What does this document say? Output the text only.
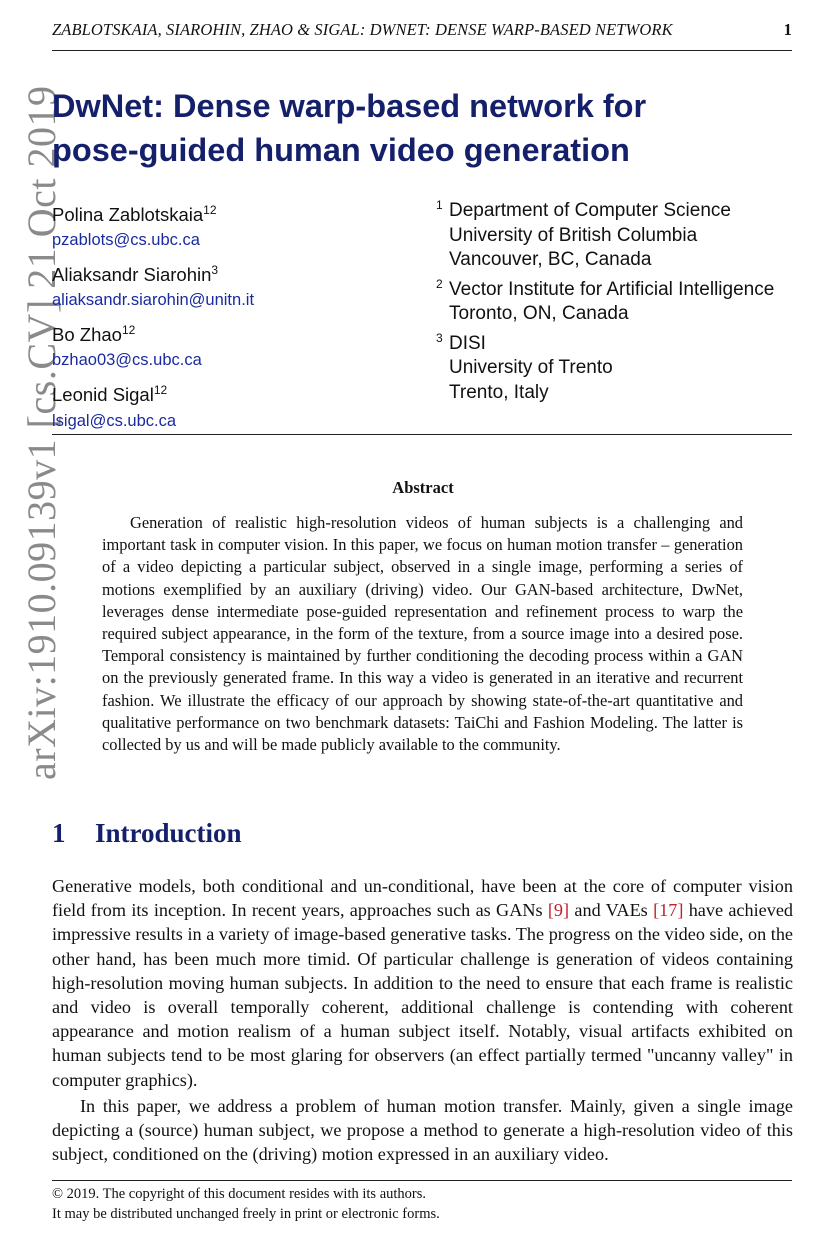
ZABLOTSKAIA, SIAROHIN, ZHAO & SIGAL: DWNET: DENSE WARP-BASED NETWORK	1
arXiv:1910.09139v1 [cs.CV] 21 Oct 2019
DwNet: Dense warp-based network for
pose-guided human video generation
Polina Zablotskaia$^{12}$
pzablots@cs.ubc.ca
Aliaksandr Siarohin$^3$
aliaksandr.siarohin@unitn.it
Bo Zhao$^{12}$
bzhao03@cs.ubc.ca
Leonid Sigal$^{12}$
lsigal@cs.ubc.ca
1 Department of Computer Science
University of British Columbia
Vancouver, BC, Canada
2 Vector Institute for Artificial Intelligence
Toronto, ON, Canada
3 DISI
University of Trento
Trento, Italy
Abstract

Generation of realistic high-resolution videos of human subjects is a challenging and important task in computer vision. In this paper, we focus on human motion transfer – generation of a video depicting a particular subject, observed in a single image, performing a series of motions exemplified by an auxiliary (driving) video. Our GAN-based architecture, DwNet, leverages dense intermediate pose-guided representation and refinement process to warp the required subject appearance, in the form of the texture, from a source image into a desired pose. Temporal consistency is maintained by further conditioning the decoding process within a GAN on the previously generated frame. In this way a video is generated in an iterative and recurrent fashion. We illustrate the efficacy of our approach by showing state-of-the-art quantitative and qualitative performance on two benchmark datasets: TaiChi and Fashion Modeling. The latter is collected by us and will be made publicly available to the community.

1 Introduction

Generative models, both conditional and un-conditional, have been at the core of computer vision field from its inception. In recent years, approaches such as GANs [9] and VAEs [17] have achieved impressive results in a variety of image-based generative tasks. The progress on the video side, on the other hand, has been much more timid. Of particular challenge is generation of videos containing high-resolution moving human subjects. In addition to the need to ensure that each frame is realistic and video is overall temporally coherent, additional challenge is contending with coherent appearance and motion realism of a human subject itself. Notably, visual artifacts exhibited on human subjects tend to be most glaring for observers (an effect partially termed "uncanny valley" in computer graphics).

In this paper, we address a problem of human motion transfer. Mainly, given a single image depicting a (source) human subject, we propose a method to generate a high-resolution video of this subject, conditioned on the (driving) motion expressed in an auxiliary video.

© 2019. The copyright of this document resides with its authors.
It may be distributed unchanged freely in print or electronic forms.
